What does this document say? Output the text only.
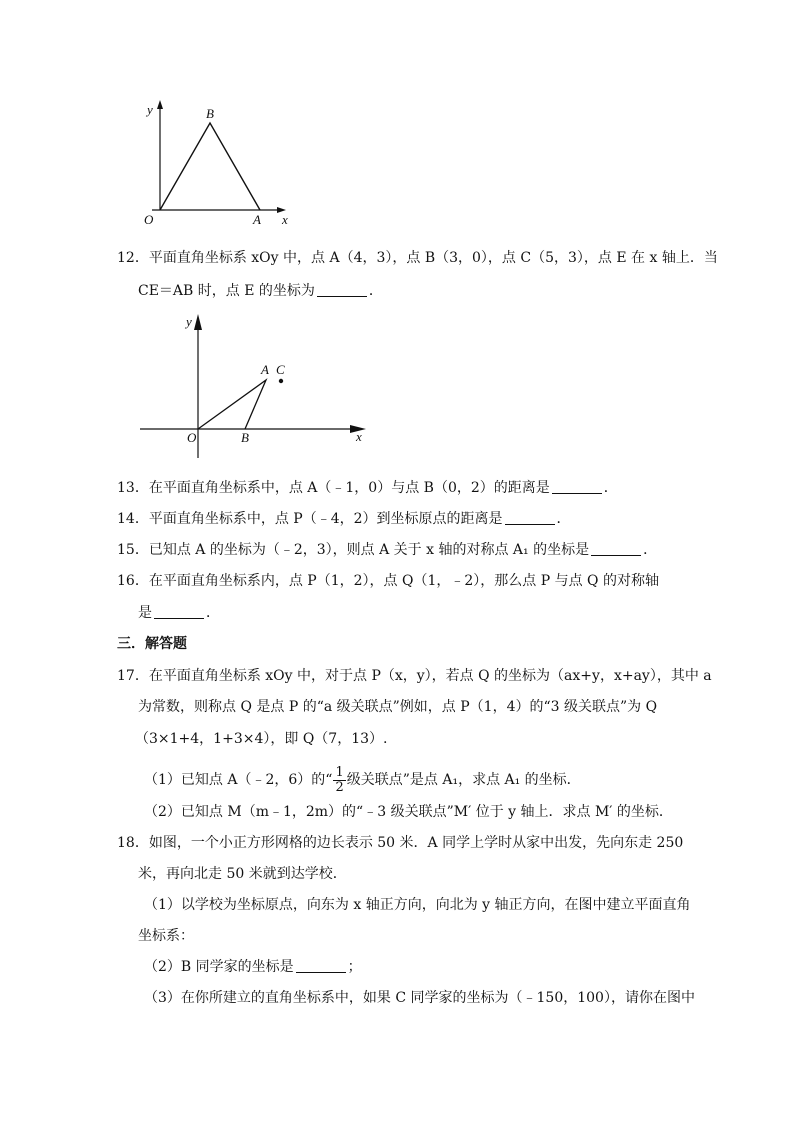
y	B
O	A x
12．平面直角坐标系 xOy 中，点 A（4，3），点 B（3，0），点 C（5，3），点 E 在 x 轴上．当
CE＝AB 时，点 E 的坐标为	．
y
A C
O	B	x
13．在平面直角坐标系中，点 A（﹣1，0）与点 B（0，2）的距离是	．
14．平面直角坐标系中，点 P（﹣4，2）到坐标原点的距离是	．
15．已知点 A 的坐标为（﹣2，3），则点 A 关于 x 轴的对称点 A₁ 的坐标是	．
16．在平面直角坐标系内，点 P（1，2），点 Q（1，﹣2），那么点 P 与点 Q 的对称轴
是	．
三．解答题
17．在平面直角坐标系 xOy 中，对于点 P（x，y），若点 Q 的坐标为（ax+y，x+ay），其中 a
为常数，则称点 Q 是点 P 的“a 级关联点”例如，点 P（1，4）的“3 级关联点”为 Q
（3×1+4，1+3×4），即 Q（7，13）.
（1）已知点 A（﹣2，6）的“ $\frac{1}{2}$ 级关联点”是点 A₁，求点 A₁ 的坐标．
（2）已知点 M（m﹣1，2m）的“﹣3 级关联点”M′ 位于 y 轴上．求点 M′ 的坐标．
18．如图，一个小正方形网格的边长表示 50 米．A 同学上学时从家中出发，先向东走 250
米，再向北走 50 米就到达学校．
（1）以学校为坐标原点，向东为 x 轴正方向，向北为 y 轴正方向，在图中建立平面直角
坐标系：
（2）B 同学家的坐标是	；
（3）在你所建立的直角坐标系中，如果 C 同学家的坐标为（﹣150，100），请你在图中
